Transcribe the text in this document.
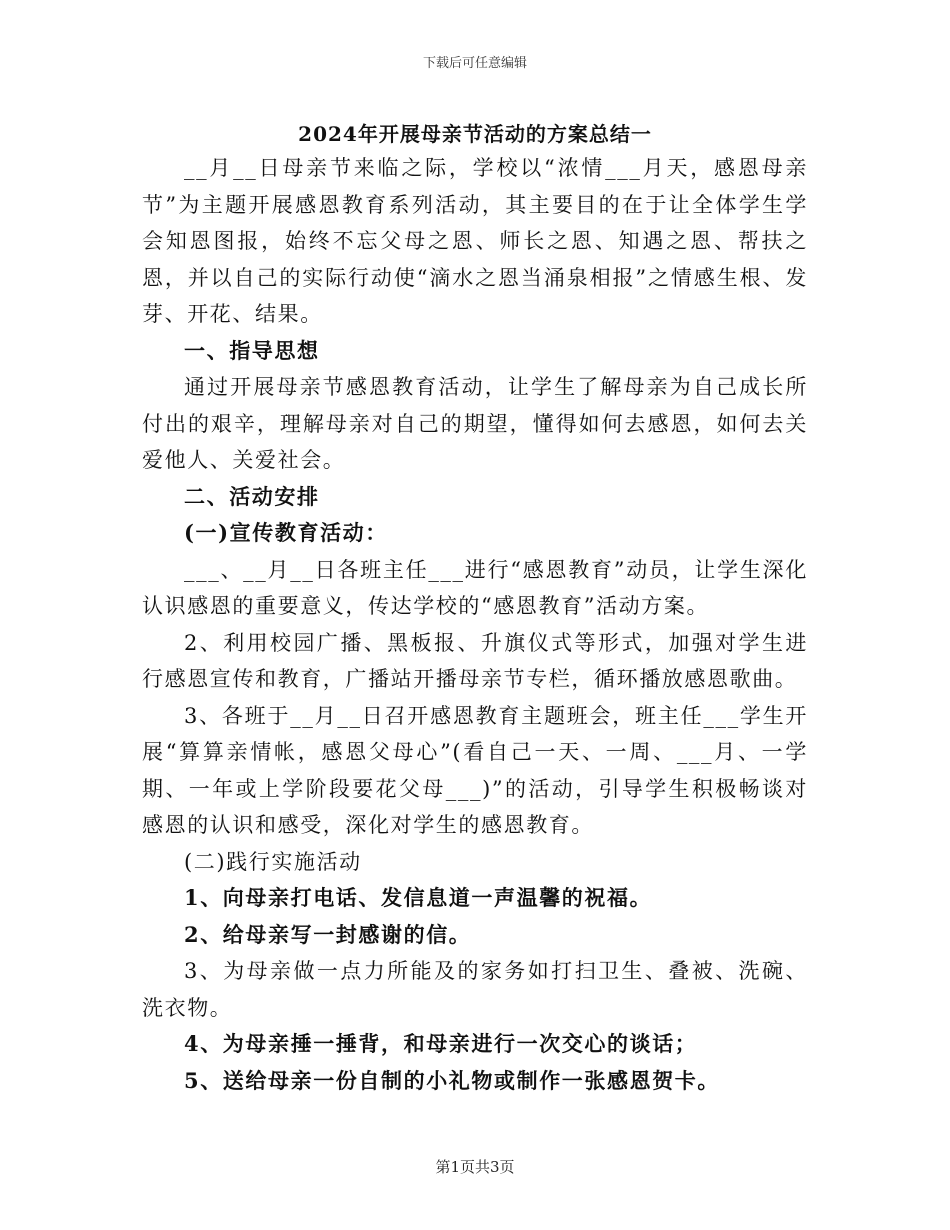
下载后可任意编辑
2024年开展母亲节活动的方案总结一

__月__日母亲节来临之际，学校以“浓情___月天，感恩母亲节”为主题开展感恩教育系列活动，其主要目的在于让全体学生学会知恩图报，始终不忘父母之恩、师长之恩、知遇之恩、帮扶之恩，并以自己的实际行动使“滴水之恩当涌泉相报”之情感生根、发芽、开花、结果。

一、指导思想

通过开展母亲节感恩教育活动，让学生了解母亲为自己成长所付出的艰辛，理解母亲对自己的期望，懂得如何去感恩，如何去关爱他人、关爱社会。

二、活动安排

(一)宣传教育活动：

___、__月__日各班主任___进行“感恩教育”动员，让学生深化认识感恩的重要意义，传达学校的“感恩教育”活动方案。

2、利用校园广播、黑板报、升旗仪式等形式，加强对学生进行感恩宣传和教育，广播站开播母亲节专栏，循环播放感恩歌曲。

3、各班于__月__日召开感恩教育主题班会，班主任___学生开展“算算亲情帐，感恩父母心”(看自己一天、一周、___月、一学期、一年或上学阶段要花父母___)”的活动，引导学生积极畅谈对感恩的认识和感受，深化对学生的感恩教育。

(二)践行实施活动

1、向母亲打电话、发信息道一声温馨的祝福。

2、给母亲写一封感谢的信。

3、为母亲做一点力所能及的家务如打扫卫生、叠被、洗碗、洗衣物。

4、为母亲捶一捶背，和母亲进行一次交心的谈话；

5、送给母亲一份自制的小礼物或制作一张感恩贺卡。

第1页共3页
